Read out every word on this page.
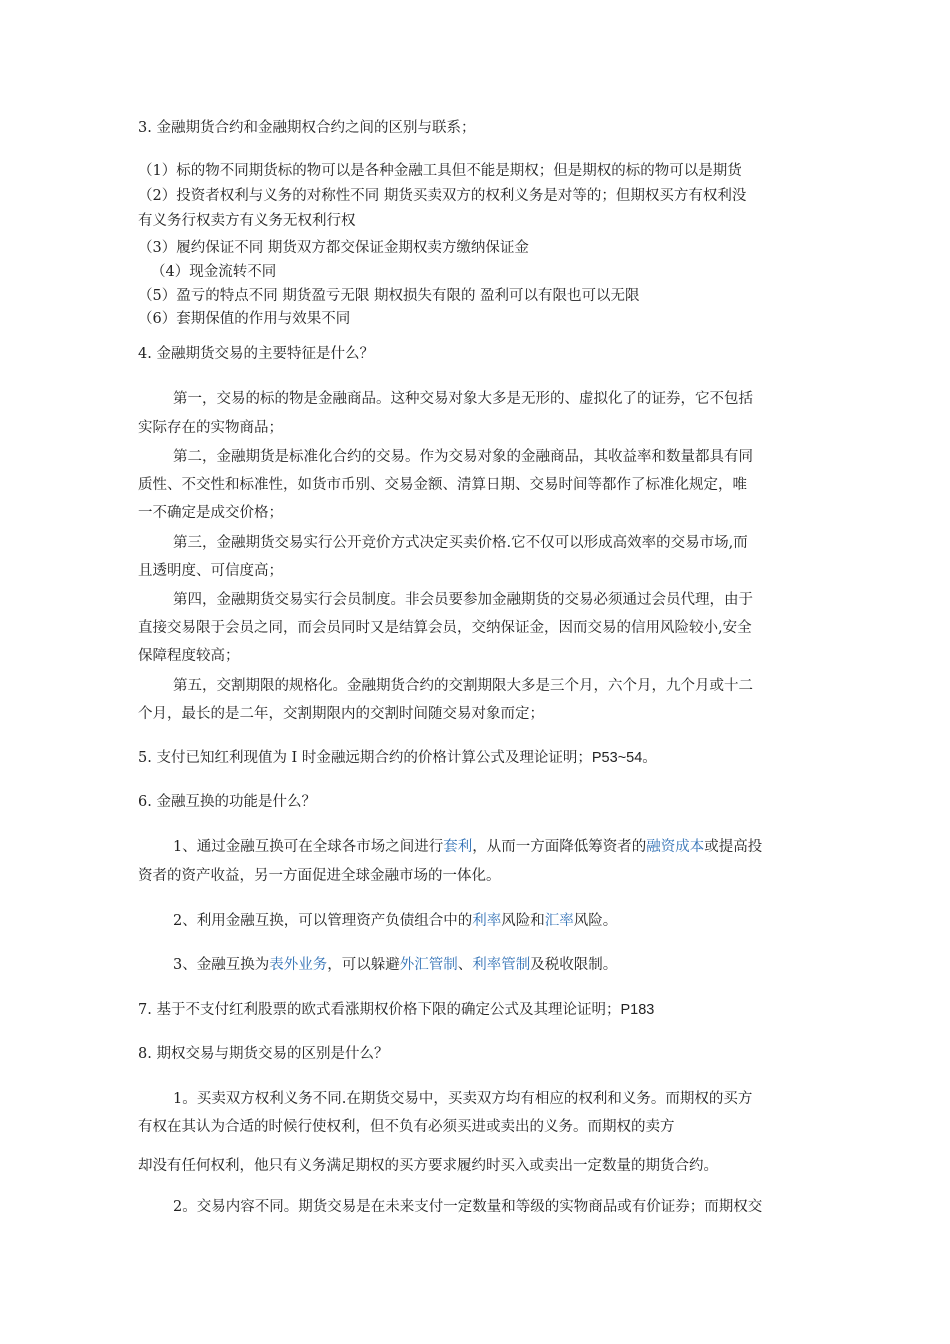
3. 金融期货合约和金融期权合约之间的区别与联系；
（1）标的物不同期货标的物可以是各种金融工具但不能是期权；但是期权的标的物可以是期货
（2）投资者权利与义务的对称性不同 期货买卖双方的权利义务是对等的；但期权买方有权利没
有义务行权卖方有义务无权利行权
（3）履约保证不同 期货双方都交保证金期权卖方缴纳保证金
（4）现金流转不同
（5）盈亏的特点不同 期货盈亏无限 期权损失有限的 盈利可以有限也可以无限
（6）套期保值的作用与效果不同
4. 金融期货交易的主要特征是什么？
第一，交易的标的物是金融商品。这种交易对象大多是无形的、虚拟化了的证券，它不包括
实际存在的实物商品；
第二，金融期货是标准化合约的交易。作为交易对象的金融商品，其收益率和数量都具有同
质性、不交性和标准性，如货市币别、交易金额、清算日期、交易时间等都作了标准化规定，唯
一不确定是成交价格；
第三，金融期货交易实行公开竞价方式决定买卖价格.它不仅可以形成高效率的交易市场,而
且透明度、可信度高；
第四，金融期货交易实行会员制度。非会员要参加金融期货的交易必须通过会员代理，由于
直接交易限于会员之同，而会员同时又是结算会员，交纳保证金，因而交易的信用风险较小,安全
保障程度较高；
第五，交割期限的规格化。金融期货合约的交割期限大多是三个月，六个月，九个月或十二
个月，最长的是二年，交割期限内的交割时间随交易对象而定；
5. 支付已知红利现值为 I 时金融远期合约的价格计算公式及理论证明；P53~54。
6. 金融互换的功能是什么？
1、通过金融互换可在全球各市场之间进行套利，从而一方面降低筹资者的融资成本或提高投
资者的资产收益，另一方面促进全球金融市场的一体化。
2、利用金融互换，可以管理资产负债组合中的利率风险和汇率风险。
3、金融互换为表外业务，可以躲避外汇管制、利率管制及税收限制。
7. 基于不支付红利股票的欧式看涨期权价格下限的确定公式及其理论证明；P183
8. 期权交易与期货交易的区别是什么？
1。买卖双方权利义务不同.在期货交易中，买卖双方均有相应的权利和义务。而期权的买方
有权在其认为合适的时候行使权利，但不负有必须买进或卖出的义务。而期权的卖方
却没有任何权利，他只有义务满足期权的买方要求履约时买入或卖出一定数量的期货合约。
2。交易内容不同。期货交易是在未来支付一定数量和等级的实物商品或有价证券；而期权交
